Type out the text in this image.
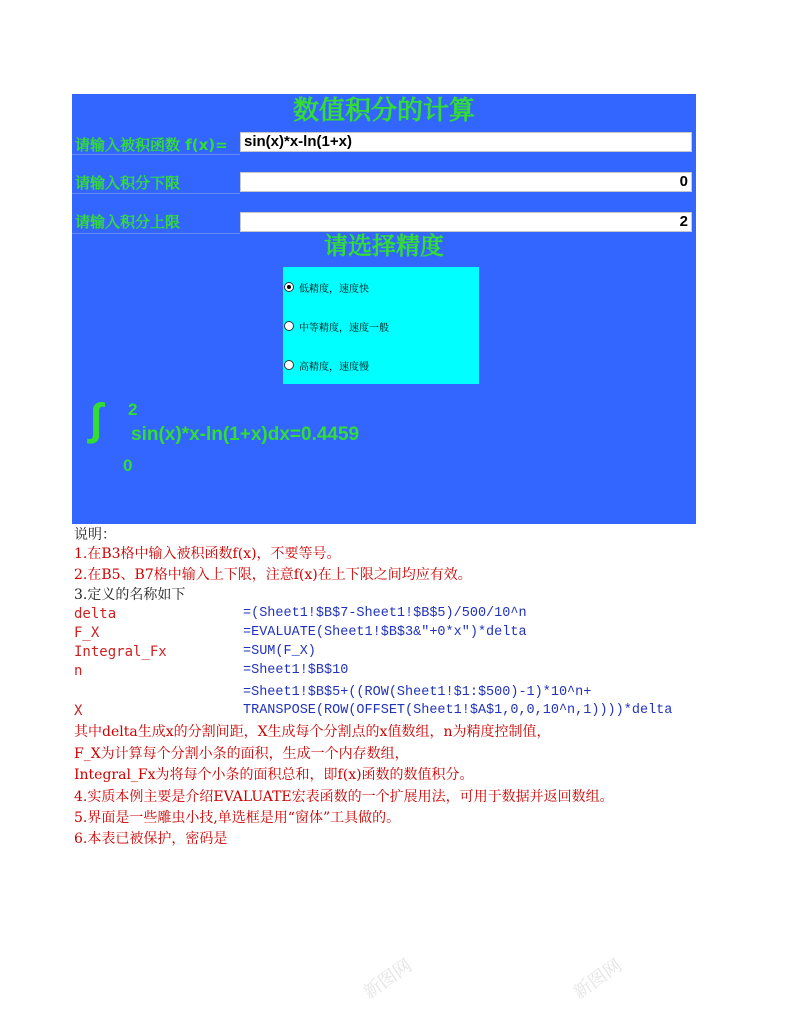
新图网	新图网
数值积分的计算
请输入被积函数 f(x)= sin(x)*x-ln(1+x)
请输入积分下限	0
请输入积分上限	2
请选择精度
低精度，速度快
中等精度，速度一般
高精度，速度慢
∫ 2
sin(x)*x-ln(1+x)dx=0.4459
0
说明：
1.在B3格中输入被积函数f(x)，不要等号。
2.在B5、B7格中输入上下限，注意f(x)在上下限之间均应有效。
3.定义的名称如下
delta	=(Sheet1!$B$7-Sheet1!$B$5)/500/10^n
F_X	=EVALUATE(Sheet1!$B$3&"+0*x")*delta
Integral_Fx	=SUM(F_X)
n	=Sheet1!$B$10
=Sheet1!$B$5+((ROW(Sheet1!$1:$500)-1)*10^n+
X	TRANSPOSE(ROW(OFFSET(Sheet1!$A$1,0,0,10^n,1))))*delta
其中delta生成x的分割间距，X生成每个分割点的x值数组，n为精度控制值，
F_X为计算每个分割小条的面积，生成一个内存数组，
Integral_Fx为将每个小条的面积总和，即f(x)函数的数值积分。
4.实质本例主要是介绍EVALUATE宏表函数的一个扩展用法，可用于数据并返回数组。
5.界面是一些雕虫小技,单选框是用“窗体”工具做的。
6.本表已被保护，密码是
